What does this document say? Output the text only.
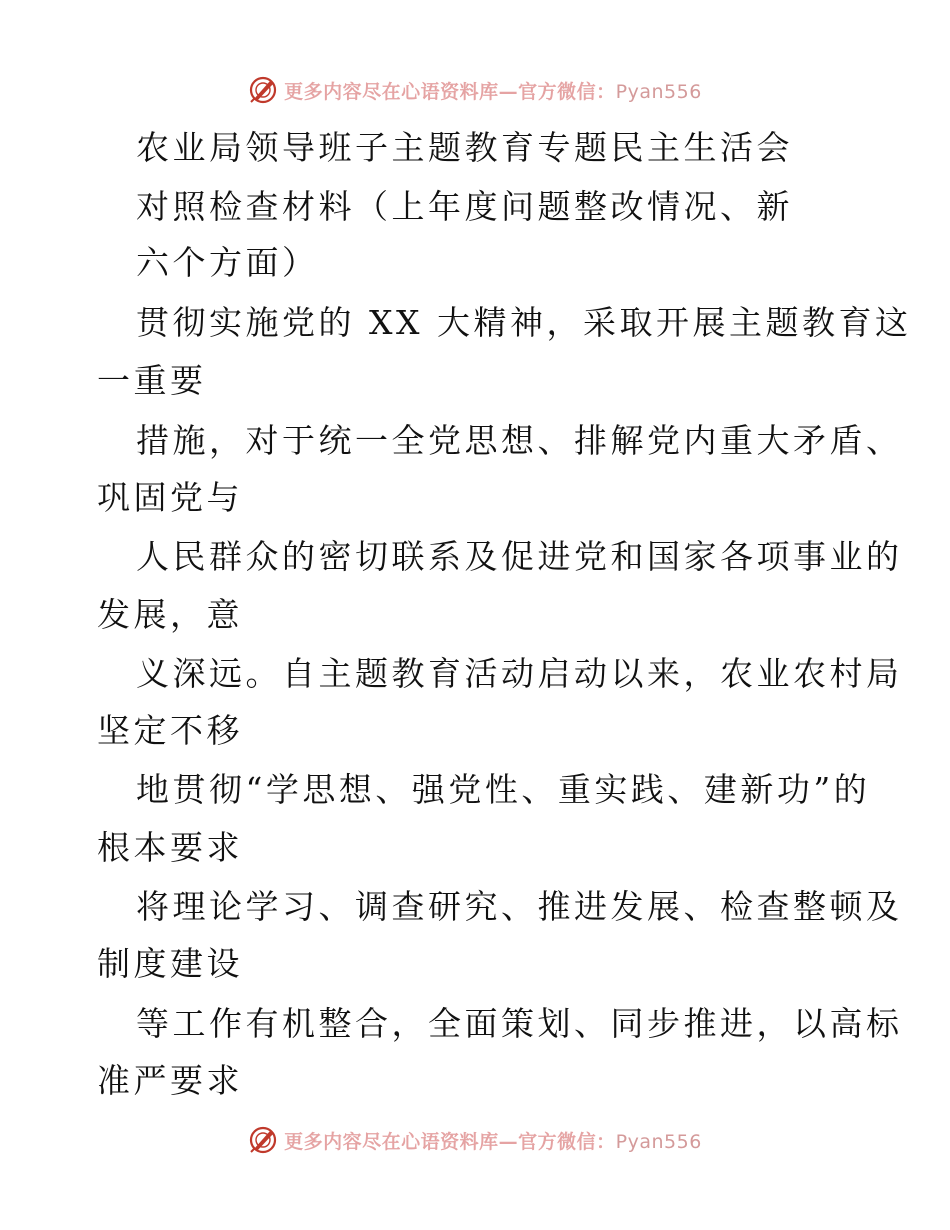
更多内容尽在心语资料库—官方微信：Pyan556
农业局领导班子主题教育专题民主生活会
对照检查材料（上年度问题整改情况、新
六个方面）
贯彻实施党的 XX 大精神，采取开展主题教育这
一重要
措施，对于统一全党思想、排解党内重大矛盾、
巩固党与
人民群众的密切联系及促进党和国家各项事业的
发展，意
义深远。自主题教育活动启动以来，农业农村局
坚定不移
地贯彻“学思想、强党性、重实践、建新功”的
根本要求
将理论学习、调查研究、推进发展、检查整顿及
制度建设
等工作有机整合，全面策划、同步推进，以高标
准严要求
更多内容尽在心语资料库—官方微信：Pyan556
